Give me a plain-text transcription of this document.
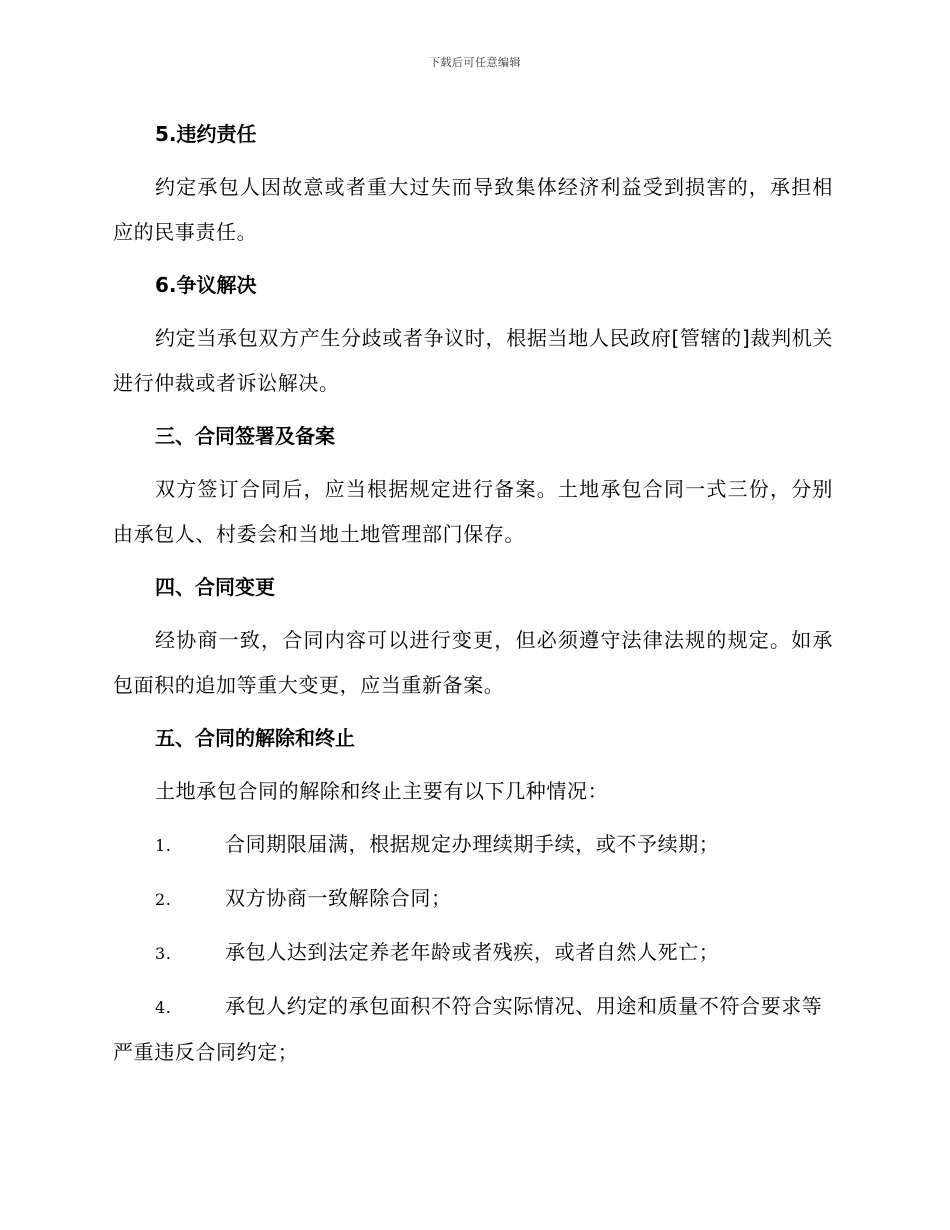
下载后可任意编辑
5.违约责任
约定承包人因故意或者重大过失而导致集体经济利益受到损害的，承担相应的民事责任。
6.争议解决
约定当承包双方产生分歧或者争议时，根据当地人民政府[管辖的]裁判机关进行仲裁或者诉讼解决。
三、合同签署及备案
双方签订合同后，应当根据规定进行备案。土地承包合同一式三份，分别由承包人、村委会和当地土地管理部门保存。
四、合同变更
经协商一致，合同内容可以进行变更，但必须遵守法律法规的规定。如承包面积的追加等重大变更，应当重新备案。
五、合同的解除和终止
土地承包合同的解除和终止主要有以下几种情况：
1.	合同期限届满，根据规定办理续期手续，或不予续期；
2.	双方协商一致解除合同；
3.	承包人达到法定养老年龄或者残疾，或者自然人死亡；
4.	承包人约定的承包面积不符合实际情况、用途和质量不符合要求等严重违反合同约定；
